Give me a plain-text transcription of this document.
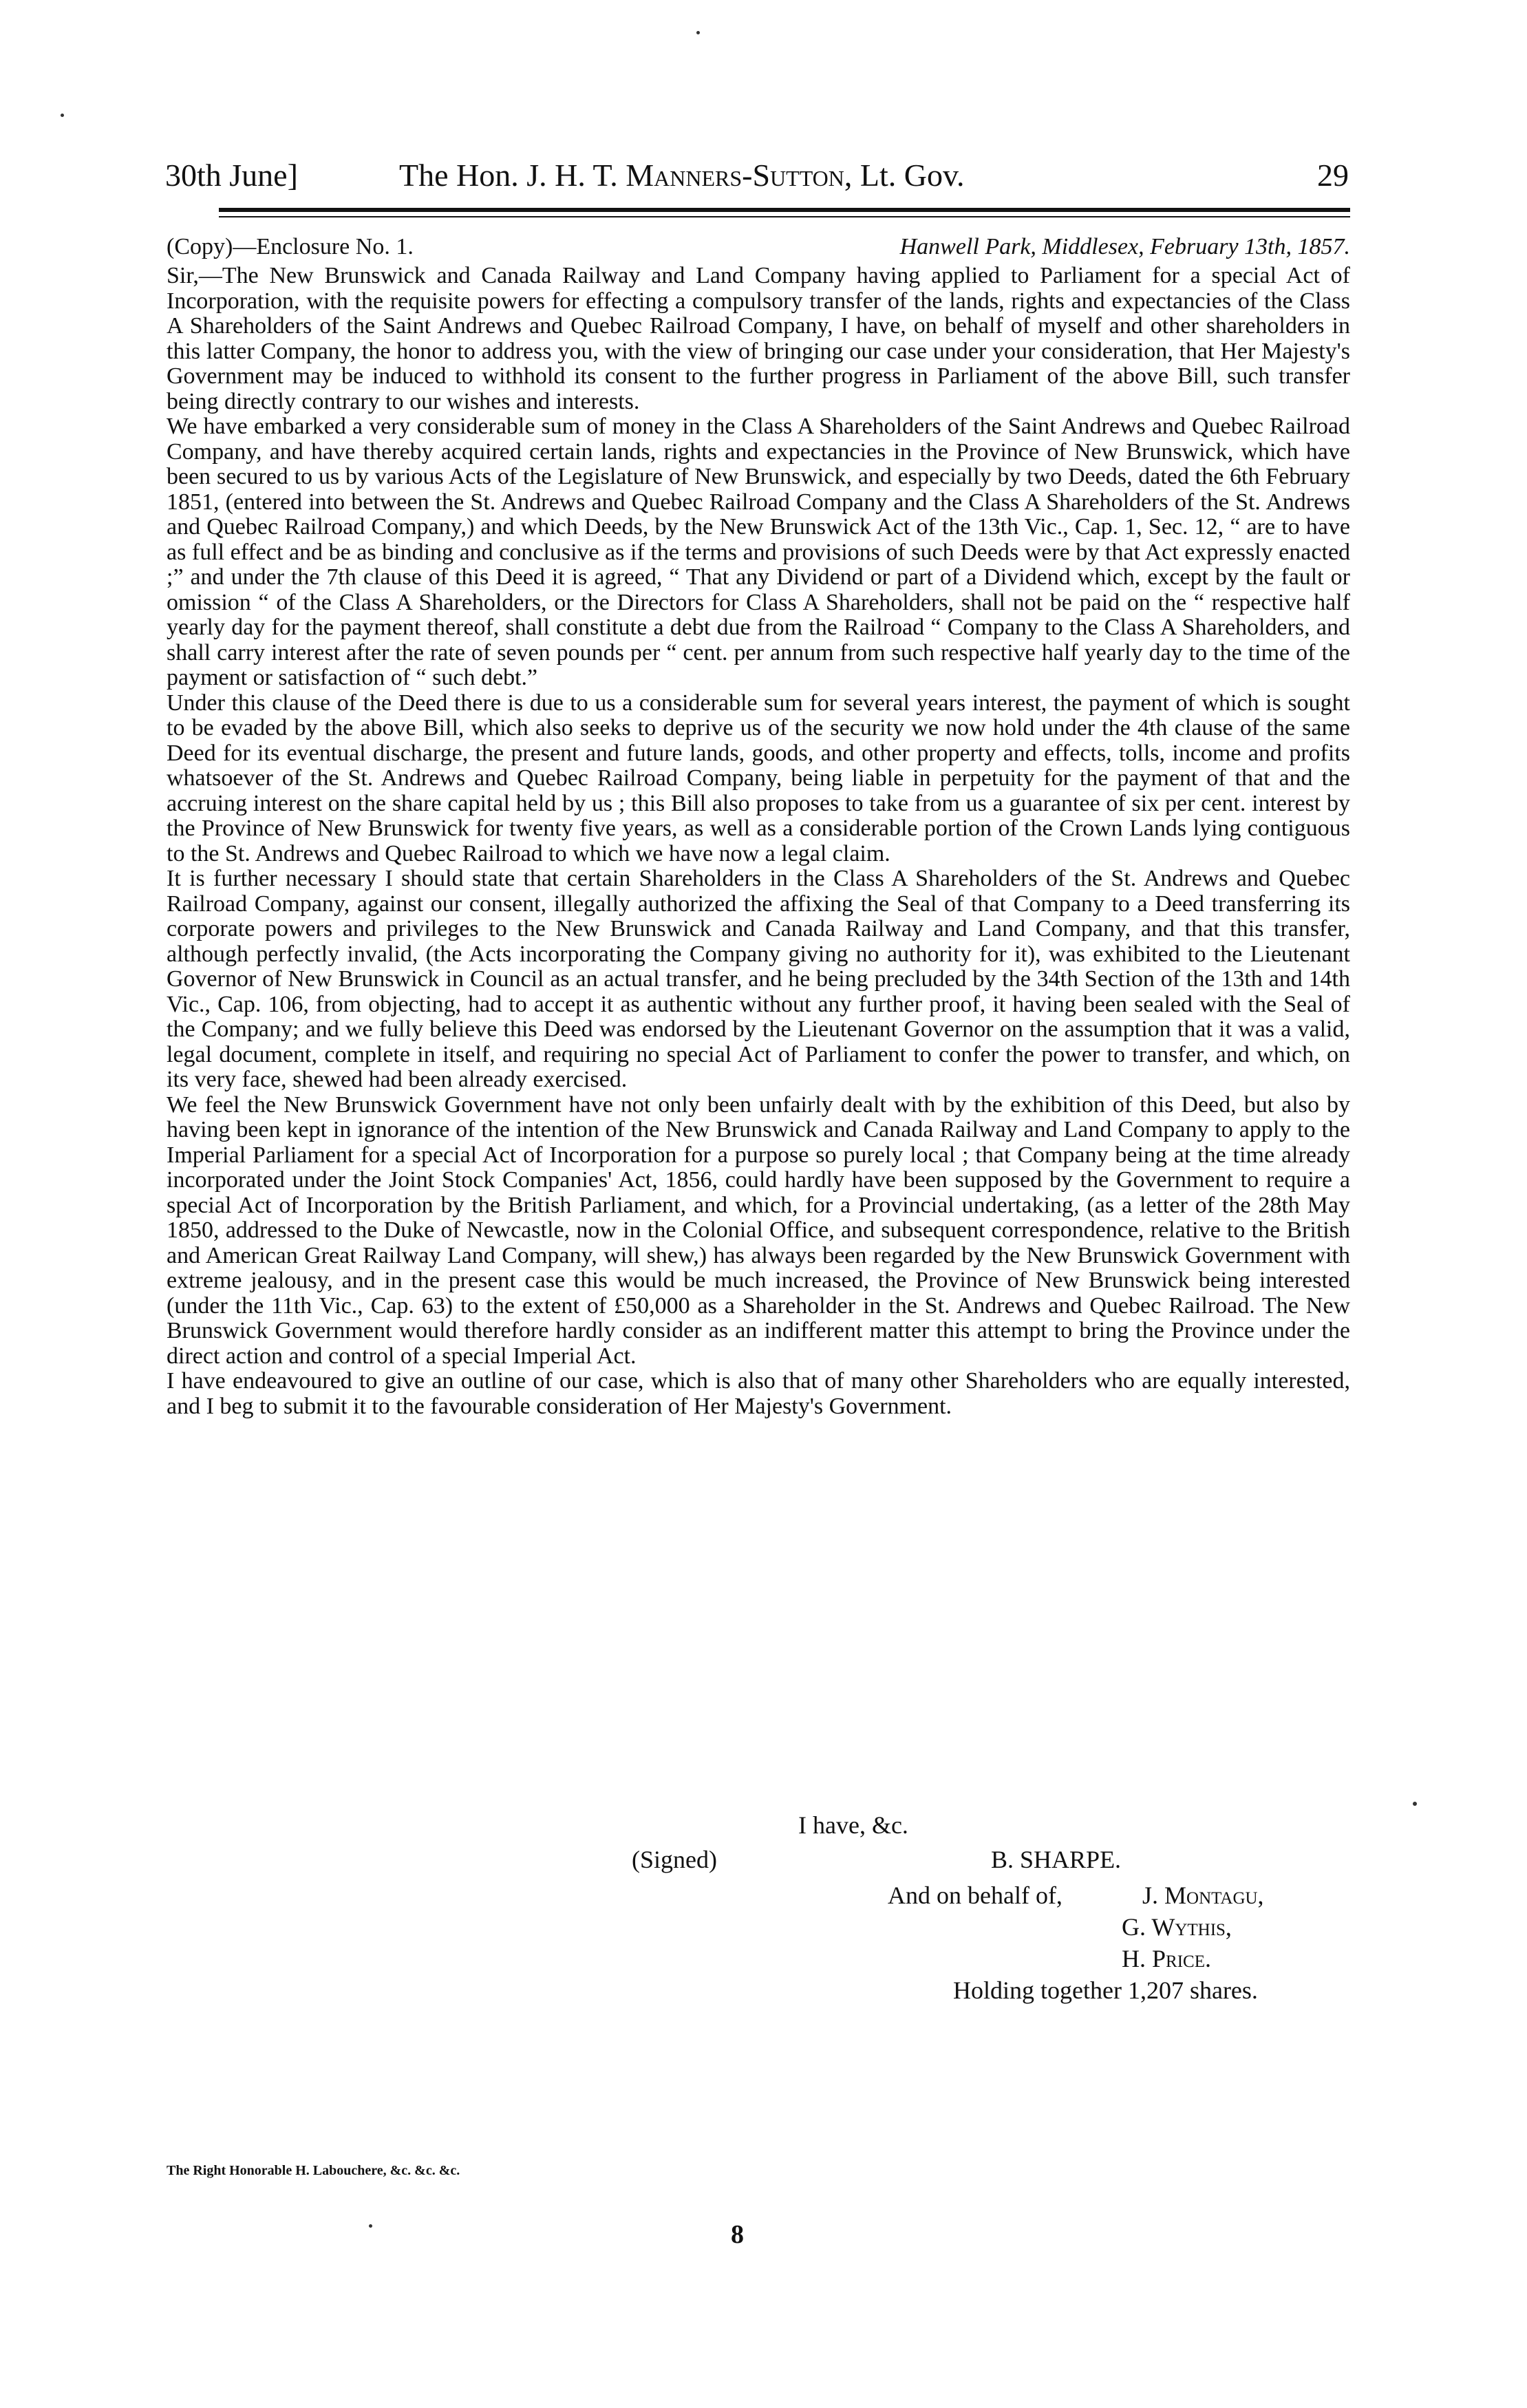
30th June]	The Hon. J. H. T. Manners-Sutton, Lt. Gov.	29
(Copy)—Enclosure No. 1.	Hanwell Park, Middlesex, February 13th, 1857.

Sir,—The New Brunswick and Canada Railway and Land Company having applied to Parliament for a special Act of Incorporation, with the requisite powers for effecting a compulsory transfer of the lands, rights and expectancies of the Class A Shareholders of the Saint Andrews and Quebec Railroad Company, I have, on behalf of myself and other shareholders in this latter Company, the honor to address you, with the view of bringing our case under your consideration, that Her Majesty's Government may be induced to withhold its consent to the further progress in Parliament of the above Bill, such transfer being directly contrary to our wishes and interests.

We have embarked a very considerable sum of money in the Class A Shareholders of the Saint Andrews and Quebec Railroad Company, and have thereby acquired certain lands, rights and expectancies in the Province of New Brunswick, which have been secured to us by various Acts of the Legislature of New Brunswick, and especially by two Deeds, dated the 6th February 1851, (entered into between the St. Andrews and Quebec Railroad Company and the Class A Shareholders of the St. Andrews and Quebec Railroad Company,) and which Deeds, by the New Brunswick Act of the 13th Vic., Cap. 1, Sec. 12, “ are to have as full effect and be as binding and conclusive as if the terms and provisions of such Deeds were by that Act expressly enacted ;” and under the 7th clause of this Deed it is agreed, “ That any Dividend or part of a Dividend which, except by the fault or omission “ of the Class A Shareholders, or the Directors for Class A Shareholders, shall not be paid on the “ respective half yearly day for the payment thereof, shall constitute a debt due from the Railroad “ Company to the Class A Shareholders, and shall carry interest after the rate of seven pounds per “ cent. per annum from such respective half yearly day to the time of the payment or satisfaction of “ such debt.”

Under this clause of the Deed there is due to us a considerable sum for several years interest, the payment of which is sought to be evaded by the above Bill, which also seeks to deprive us of the security we now hold under the 4th clause of the same Deed for its eventual discharge, the present and future lands, goods, and other property and effects, tolls, income and profits whatsoever of the St. Andrews and Quebec Railroad Company, being liable in perpetuity for the payment of that and the accruing interest on the share capital held by us ; this Bill also proposes to take from us a guarantee of six per cent. interest by the Province of New Brunswick for twenty five years, as well as a considerable portion of the Crown Lands lying contiguous to the St. Andrews and Quebec Railroad to which we have now a legal claim.

It is further necessary I should state that certain Shareholders in the Class A Shareholders of the St. Andrews and Quebec Railroad Company, against our consent, illegally authorized the affixing the Seal of that Company to a Deed transferring its corporate powers and privileges to the New Brunswick and Canada Railway and Land Company, and that this transfer, although perfectly invalid, (the Acts incorporating the Company giving no authority for it), was exhibited to the Lieutenant Governor of New Brunswick in Council as an actual transfer, and he being precluded by the 34th Section of the 13th and 14th Vic., Cap. 106, from objecting, had to accept it as authentic without any further proof, it having been sealed with the Seal of the Company; and we fully believe this Deed was endorsed by the Lieutenant Governor on the assumption that it was a valid, legal document, complete in itself, and requiring no special Act of Parliament to confer the power to transfer, and which, on its very face, shewed had been already exercised.

We feel the New Brunswick Government have not only been unfairly dealt with by the exhibition of this Deed, but also by having been kept in ignorance of the intention of the New Brunswick and Canada Railway and Land Company to apply to the Imperial Parliament for a special Act of Incorporation for a purpose so purely local ; that Company being at the time already incorporated under the Joint Stock Companies' Act, 1856, could hardly have been supposed by the Government to require a special Act of Incorporation by the British Parliament, and which, for a Provincial undertaking, (as a letter of the 28th May 1850, addressed to the Duke of Newcastle, now in the Colonial Office, and subsequent correspondence, relative to the British and American Great Railway Land Company, will shew,) has always been regarded by the New Brunswick Government with extreme jealousy, and in the present case this would be much increased, the Province of New Brunswick being interested (under the 11th Vic., Cap. 63) to the extent of £50,000 as a Shareholder in the St. Andrews and Quebec Railroad. The New Brunswick Government would therefore hardly consider as an indifferent matter this attempt to bring the Province under the direct action and control of a special Imperial Act.

I have endeavoured to give an outline of our case, which is also that of many other Shareholders who are equally interested, and I beg to submit it to the favourable consideration of Her Majesty's Government.

I have, &c.
(Signed)	B. SHARPE.
And on behalf of,	J. Montagu,
G. Wythis,
H. Price.
Holding together 1,207 shares.
The Right Honorable H. Labouchere, &c. &c. &c.
8
